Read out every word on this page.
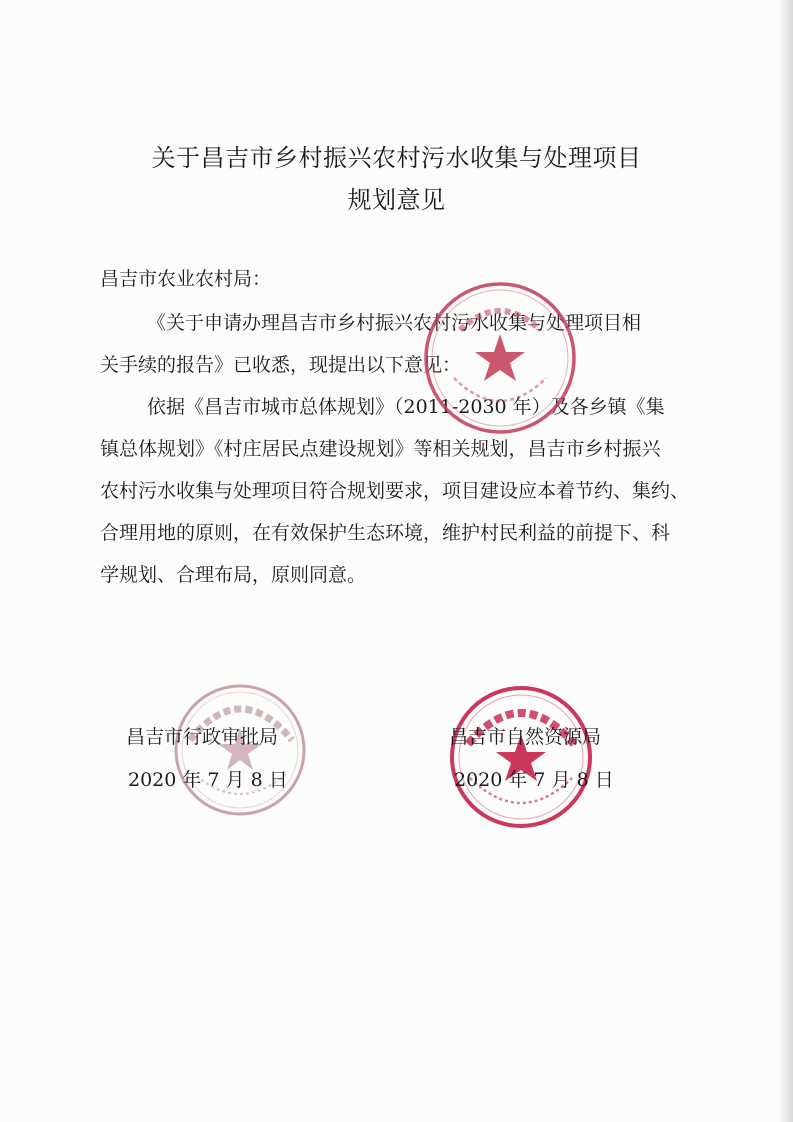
关于昌吉市乡村振兴农村污水收集与处理项目
规划意见
昌吉市农业农村局：
《关于申请办理昌吉市乡村振兴农村污水收集与处理项目相
关手续的报告》已收悉，现提出以下意见：
依据《昌吉市城市总体规划》（2011-2030 年）及各乡镇《集
镇总体规划》《村庄居民点建设规划》等相关规划，昌吉市乡村振兴
农村污水收集与处理项目符合规划要求，项目建设应本着节约、集约、
合理用地的原则，在有效保护生态环境，维护村民利益的前提下、科
学规划、合理布局，原则同意。
昌吉市行政审批局
2020 年 7 月 8 日
昌吉市自然资源局
2020 年 7 月 8 日
